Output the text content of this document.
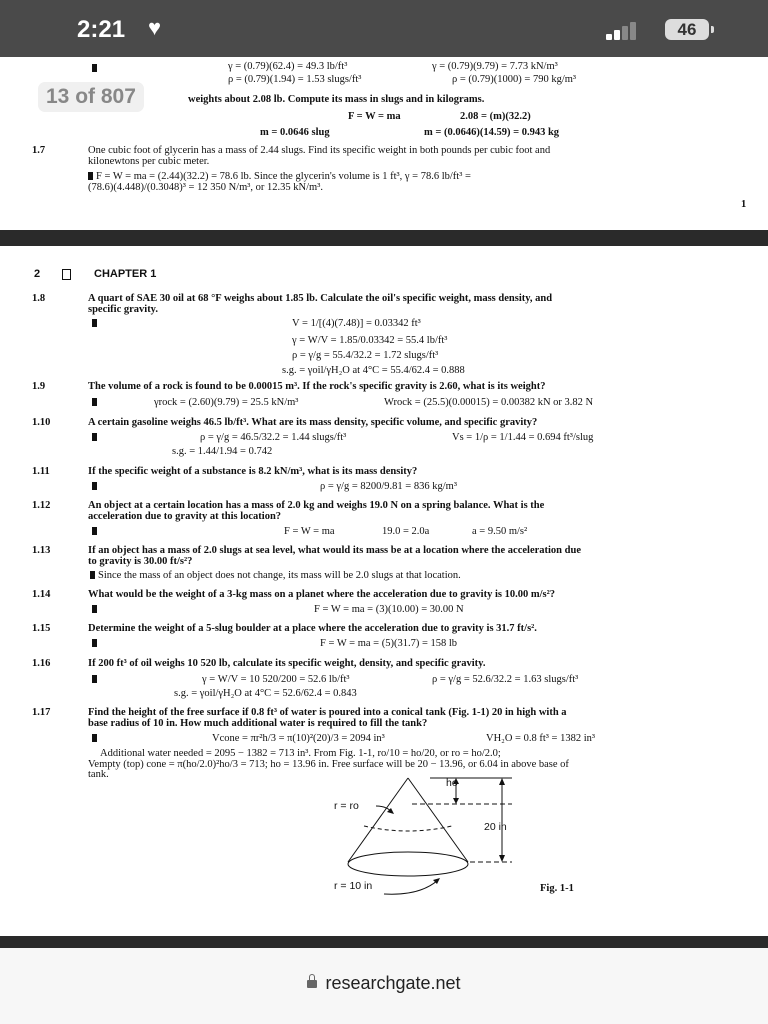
2:21 ♥	46
γ = (0.79)(62.4) = 49.3 lb/ft³	γ = (0.79)(9.79) = 7.73 kN/m³
ρ = (0.79)(1.94) = 1.53 slugs/ft³	ρ = (0.79)(1000) = 790 kg/m³
weights about 2.08 lb. Compute its mass in slugs and in kilograms.
F = W = ma	2.08 = (m)(32.2)
m = 0.0646 slug	m = (0.0646)(14.59) = 0.943 kg
1.7	One cubic foot of glycerin has a mass of 2.44 slugs. Find its specific weight in both pounds per cubic foot and
kilonewtons per cubic meter.
F = W = ma = (2.44)(32.2) = 78.6 lb. Since the glycerin's volume is 1 ft³, γ = 78.6 lb/ft³ =
(78.6)(4.448)/(0.3048)³ = 12 350 N/m³, or 12.35 kN/m³.
1
13 of 807
2	CHAPTER 1
1.8	A quart of SAE 30 oil at 68 °F weighs about 1.85 lb. Calculate the oil's specific weight, mass density, and
specific gravity.
V = 1/[(4)(7.48)] = 0.03342 ft³
γ = W/V = 1.85/0.03342 = 55.4 lb/ft³
ρ = γ/g = 55.4/32.2 = 1.72 slugs/ft³
s.g. = γoil/γH₂O at 4°C = 55.4/62.4 = 0.888
1.9	The volume of a rock is found to be 0.00015 m³. If the rock's specific gravity is 2.60, what is its weight?
γrock = (2.60)(9.79) = 25.5 kN/m³	Wrock = (25.5)(0.00015) = 0.00382 kN or 3.82 N
1.10	A certain gasoline weighs 46.5 lb/ft³. What are its mass density, specific volume, and specific gravity?
ρ = γ/g = 46.5/32.2 = 1.44 slugs/ft³	Vs = 1/ρ = 1/1.44 = 0.694 ft³/slug
s.g. = 1.44/1.94 = 0.742
1.11	If the specific weight of a substance is 8.2 kN/m³, what is its mass density?
ρ = γ/g = 8200/9.81 = 836 kg/m³
1.12	An object at a certain location has a mass of 2.0 kg and weighs 19.0 N on a spring balance. What is the
acceleration due to gravity at this location?
F = W = ma	19.0 = 2.0a	a = 9.50 m/s²
1.13	If an object has a mass of 2.0 slugs at sea level, what would its mass be at a location where the acceleration due
to gravity is 30.00 ft/s²?
Since the mass of an object does not change, its mass will be 2.0 slugs at that location.
1.14	What would be the weight of a 3-kg mass on a planet where the acceleration due to gravity is 10.00 m/s²?
F = W = ma = (3)(10.00) = 30.00 N
1.15	Determine the weight of a 5-slug boulder at a place where the acceleration due to gravity is 31.7 ft/s².
F = W = ma = (5)(31.7) = 158 lb
1.16	If 200 ft³ of oil weighs 10 520 lb, calculate its specific weight, density, and specific gravity.
γ = W/V = 10 520/200 = 52.6 lb/ft³	ρ = γ/g = 52.6/32.2 = 1.63 slugs/ft³
s.g. = γoil/γH₂O at 4°C = 52.6/62.4 = 0.843
1.17	Find the height of the free surface if 0.8 ft³ of water is poured into a conical tank (Fig. 1-1) 20 in high with a
base radius of 10 in. How much additional water is required to fill the tank?
Vcone = πr²h/3 = π(10)²(20)/3 = 2094 in³	VH₂O = 0.8 ft³ = 1382 in³
Additional water needed = 2095 − 1382 = 713 in³. From Fig. 1-1, ro/10 = ho/20, or ro = ho/2.0;
Vempty (top) cone = π(ho/2.0)²ho/3 = 713; ho = 13.96 in. Free surface will be 20 − 13.96, or 6.04 in above base of
tank.
ho
r = ro
20 in
r = 10 in	Fig. 1-1
researchgate.net
